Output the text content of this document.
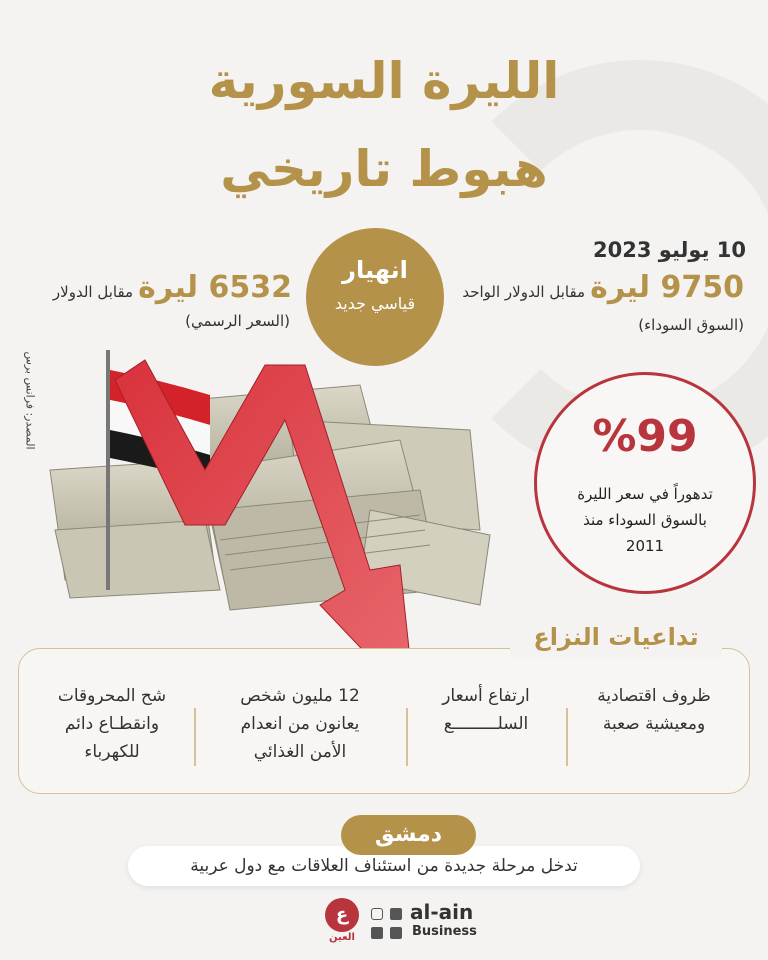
الليرة السورية
هبوط تاريخي
10 يوليو 2023
9750 ليرة مقابل الدولار الواحد
(السوق السوداء)
6532 ليرة مقابل الدولار
(السعر الرسمي)
انهيار
قياسي جديد
المصدر: فرانس برس	%99
تدهوراً في سعر الليرة
بالسوق السوداء منذ
2011
تداعيات النزاع
ظروف اقتصادية
ومعيشية صعبة
ارتفاع أسعار
السلـــــــــع
12 مليون شخص
يعانون من انعدام
الأمن الغذائي
شح المحروقات
وانقطـاع دائم
للكهرباء
تدخل مرحلة جديدة من استئناف العلاقات مع دول عربية
دمشق
ع
العين

al-ain
Business
